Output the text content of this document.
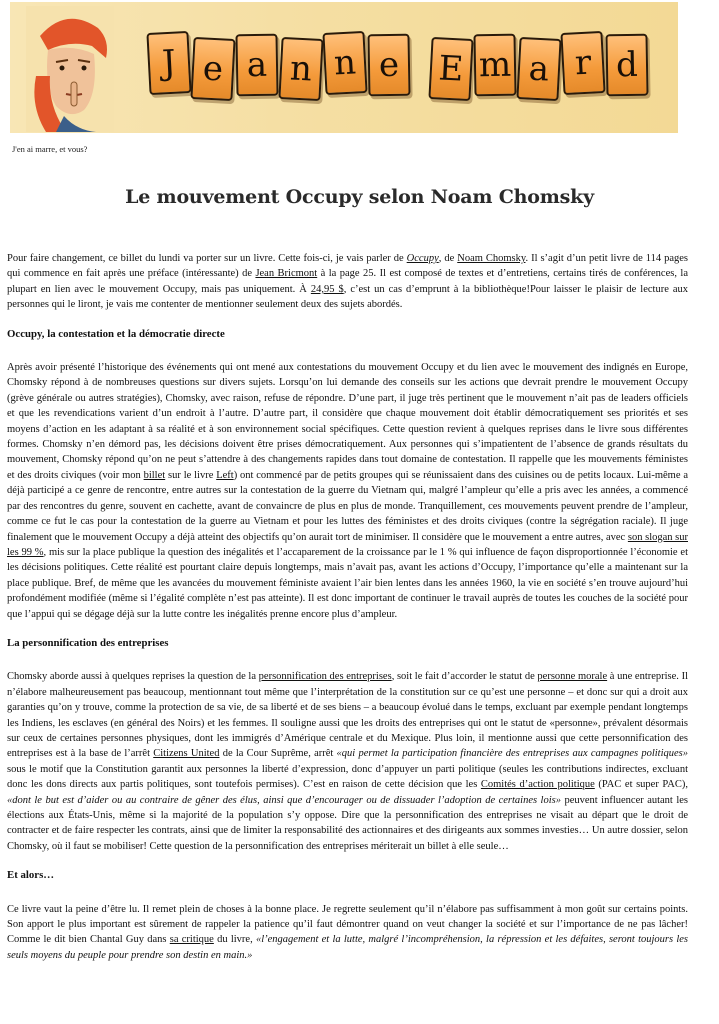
J e a n n e	E m a r d
J'en ai marre, et vous?
Le mouvement Occupy selon Noam Chomsky

Pour faire changement, ce billet du lundi va porter sur un livre. Cette fois-ci, je vais parler de Occupy, de Noam Chomsky. Il s’agit d’un petit livre de 114 pages qui commence en fait après une préface (intéressante) de Jean Bricmont à la page 25. Il est composé de textes et d’entretiens, certains tirés de conférences, la plupart en lien avec le mouvement Occupy, mais pas uniquement. À 24,95 $, c’est un cas d’emprunt à la bibliothèque!Pour laisser le plaisir de lecture aux personnes qui le liront, je vais me contenter de mentionner seulement deux des sujets abordés.

Occupy, la contestation et la démocratie directe

Après avoir présenté l’historique des événements qui ont mené aux contestations du mouvement Occupy et du lien avec le mouvement des indignés en Europe, Chomsky répond à de nombreuses questions sur divers sujets. Lorsqu’on lui demande des conseils sur les actions que devrait prendre le mouvement Occupy (grève générale ou autres stratégies), Chomsky, avec raison, refuse de répondre. D’une part, il juge très pertinent que le mouvement n’ait pas de leaders officiels et que les revendications varient d’un endroit à l’autre. D’autre part, il considère que chaque mouvement doit établir démocratiquement ses priorités et ses moyens d’action en les adaptant à sa réalité et à son environnement social spécifiques. Cette question revient à quelques reprises dans le livre sous différentes formes. Chomsky n’en démord pas, les décisions doivent être prises démocratiquement. Aux personnes qui s’impatientent de l’absence de grands résultats du mouvement, Chomsky répond qu’on ne peut s’attendre à des changements rapides dans tout domaine de contestation. Il rappelle que les mouvements féministes et des droits civiques (voir mon billet sur le livre Left) ont commencé par de petits groupes qui se réunissaient dans des cuisines ou de petits locaux. Lui-même a déjà participé a ce genre de rencontre, entre autres sur la contestation de la guerre du Vietnam qui, malgré l’ampleur qu’elle a pris avec les années, a commencé par des rencontres du genre, souvent en cachette, avant de convaincre de plus en plus de monde. Tranquillement, ces mouvements peuvent prendre de l’ampleur, comme ce fut le cas pour la contestation de la guerre au Vietnam et pour les luttes des féministes et des droits civiques (contre la ségrégation raciale). Il juge finalement que le mouvement Occupy a déjà atteint des objectifs qu’on aurait tort de minimiser. Il considère que le mouvement a entre autres, avec son slogan sur les 99 %, mis sur la place publique la question des inégalités et l’accaparement de la croissance par le 1 % qui influence de façon disproportionnée l’économie et les décisions politiques. Cette réalité est pourtant claire depuis longtemps, mais n’avait pas, avant les actions d’Occupy, l’importance qu’elle a maintenant sur la place publique. Bref, de même que les avancées du mouvement féministe avaient l’air bien lentes dans les années 1960, la vie en société s’en trouve aujourd’hui profondément modifiée (même si l’égalité complète n’est pas atteinte). Il est donc important de continuer le travail auprès de toutes les couches de la société pour que l’appui qui se dégage déjà sur la lutte contre les inégalités prenne encore plus d’ampleur.

La personnification des entreprises

Chomsky aborde aussi à quelques reprises la question de la personnification des entreprises, soit le fait d’accorder le statut de personne morale à une entreprise. Il n’élabore malheureusement pas beaucoup, mentionnant tout même que l’interprétation de la constitution sur ce qu’est une personne – et donc sur qui a droit aux garanties qu’on y trouve, comme la protection de sa vie, de sa liberté et de ses biens – a beaucoup évolué dans le temps, excluant par exemple pendant longtemps les Indiens, les esclaves (en général des Noirs) et les femmes. Il souligne aussi que les droits des entreprises qui ont le statut de «personne», prévalent désormais sur ceux de certaines personnes physiques, dont les immigrés d’Amérique centrale et du Mexique. Plus loin, il mentionne aussi que cette personnification des entreprises est à la base de l’arrêt Citizens United de la Cour Suprême, arrêt «qui permet la participation financière des entreprises aux campagnes politiques» sous le motif que la Constitution garantit aux personnes la liberté d’expression, donc d’appuyer un parti politique (seules les contributions indirectes, excluant donc les dons directs aux partis politiques, sont toutefois permises). C’est en raison de cette décision que les Comités d’action politique (PAC et super PAC), «dont le but est d’aider ou au contraire de gêner des élus, ainsi que d’encourager ou de dissuader l’adoption de certaines lois» peuvent influencer autant les élections aux États-Unis, même si la majorité de la population s’y oppose. Dire que la personnification des entreprises ne visait au départ que le droit de contracter et de faire respecter les contrats, ainsi que de limiter la responsabilité des actionnaires et des dirigeants aux sommes investies… Un autre dossier, selon Chomsky, où il faut se mobiliser! Cette question de la personnification des entreprises mériterait un billet à elle seule…

Et alors…

Ce livre vaut la peine d’être lu. Il remet plein de choses à la bonne place. Je regrette seulement qu’il n’élabore pas suffisamment à mon goût sur certains points. Son apport le plus important est sûrement de rappeler la patience qu’il faut démontrer quand on veut changer la société et sur l’importance de ne pas lâcher! Comme le dit bien Chantal Guy dans sa critique du livre, «l’engagement et la lutte, malgré l’incompréhension, la répression et les défaites, seront toujours les seuls moyens du peuple pour prendre son destin en main.»
